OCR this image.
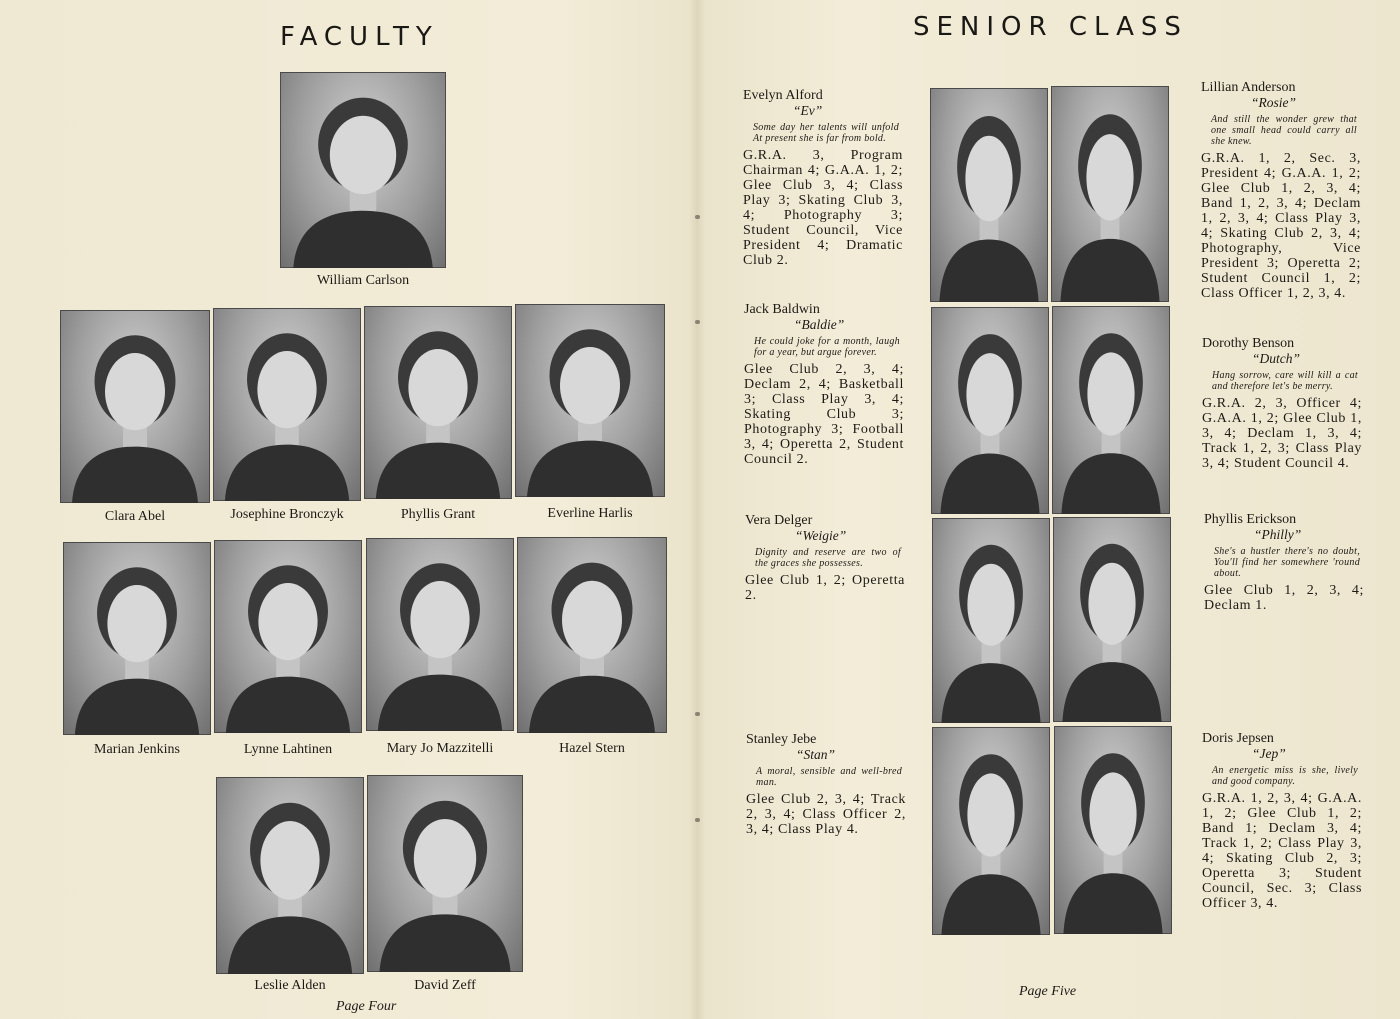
FACULTY
William Carlson
Clara Abel	Josephine Bronczyk	Phyllis Grant	Everline Harlis
Marian Jenkins	Lynne Lahtinen	Mary Jo Mazzitelli	Hazel Stern
Leslie Alden	David Zeff
Page Four
SENIOR CLASS
Evelyn Alford
“Ev”
Some day her talents will unfold At present she is far from bold.
G.R.A. 3, Program Chairman 4; G.A.A. 1, 2; Glee Club 3, 4; Class Play 3; Skating Club 3, 4; Photography 3; Student Council, Vice President 4; Dramatic Club 2.
Jack Baldwin
“Baldie”
He could joke for a month, laugh for a year, but argue forever.
Glee Club 2, 3, 4; Declam 2, 4; Basketball 3; Class Play 3, 4; Skating Club 3; Photography 3; Football 3, 4; Operetta 2, Student Council 2.
Vera Delger
“Weigie”
Dignity and reserve are two of the graces she possesses.
Glee Club 1, 2; Operetta 2.
Stanley Jebe
“Stan”
A moral, sensible and well-bred man.
Glee Club 2, 3, 4; Track 2, 3, 4; Class Officer 2, 3, 4; Class Play 4.
Lillian Anderson
“Rosie”
And still the wonder grew that one small head could carry all she knew.
G.R.A. 1, 2, Sec. 3, President 4; G.A.A. 1, 2; Glee Club 1, 2, 3, 4; Band 1, 2, 3, 4; Declam 1, 2, 3, 4; Class Play 3, 4; Skating Club 2, 3, 4; Photography, Vice President 3; Operetta 2; Student Council 1, 2; Class Officer 1, 2, 3, 4.
Dorothy Benson
“Dutch”
Hang sorrow, care will kill a cat and therefore let's be merry.
G.R.A. 2, 3, Officer 4; G.A.A. 1, 2; Glee Club 1, 3, 4; Declam 1, 3, 4; Track 1, 2, 3; Class Play 3, 4; Student Council 4.
Phyllis Erickson
“Philly”
She's a hustler there's no doubt, You'll find her somewhere 'round about.
Glee Club 1, 2, 3, 4; Declam 1.
Doris Jepsen
“Jep”
An energetic miss is she, lively and good company.
G.R.A. 1, 2, 3, 4; G.A.A. 1, 2; Glee Club 1, 2; Band 1; Declam 3, 4; Track 1, 2; Class Play 3, 4; Skating Club 2, 3; Operetta 3; Student Council, Sec. 3; Class Officer 3, 4.
Page Five
